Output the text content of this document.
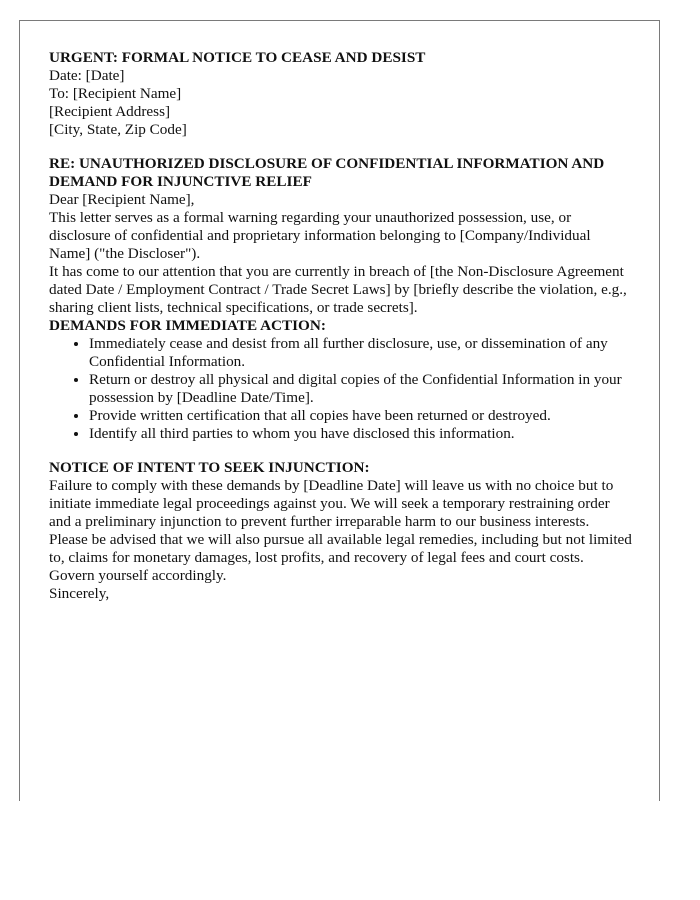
URGENT: FORMAL NOTICE TO CEASE AND DESIST

Date: [Date]

To: [Recipient Name]
[Recipient Address]
[City, State, Zip Code]

RE: UNAUTHORIZED DISCLOSURE OF CONFIDENTIAL INFORMATION AND DEMAND FOR INJUNCTIVE RELIEF

Dear [Recipient Name],

This letter serves as a formal warning regarding your unauthorized possession, use, or disclosure of confidential and proprietary information belonging to [Company/Individual Name] ("the Discloser").

It has come to our attention that you are currently in breach of [the Non-Disclosure Agreement dated Date / Employment Contract / Trade Secret Laws] by [briefly describe the violation, e.g., sharing client lists, technical specifications, or trade secrets].

DEMANDS FOR IMMEDIATE ACTION:

• Immediately cease and desist from all further disclosure, use, or dissemination of any Confidential Information.
• Return or destroy all physical and digital copies of the Confidential Information in your possession by [Deadline Date/Time].
• Provide written certification that all copies have been returned or destroyed.
• Identify all third parties to whom you have disclosed this information.

NOTICE OF INTENT TO SEEK INJUNCTION:

Failure to comply with these demands by [Deadline Date] will leave us with no choice but to initiate immediate legal proceedings against you. We will seek a temporary restraining order and a preliminary injunction to prevent further irreparable harm to our business interests.

Please be advised that we will also pursue all available legal remedies, including but not limited to, claims for monetary damages, lost profits, and recovery of legal fees and court costs.

Govern yourself accordingly.

Sincerely,
